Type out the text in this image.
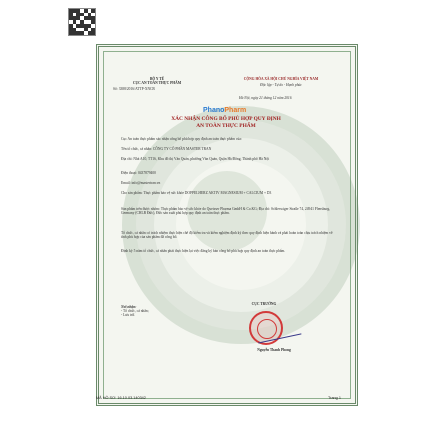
BỘ Y TẾ
CỤC AN TOÀN THỰC PHẨM
Số: 3388/2016/ATTP-XNCB
CỘNG HÒA XÃ HỘI CHỦ NGHĨA VIỆT NAM
Độc lập - Tự do - Hạnh phúc
Hà Nội, ngày 21 tháng 12 năm 2016
PhanoPharm
XÁC NHẬN CÔNG BỐ PHÙ HỢP QUY ĐỊNH
AN TOÀN THỰC PHẨM
Cục An toàn thực phẩm xác nhận công bố phù hợp quy định an toàn thực phẩm của:
Tên tổ chức, cá nhân: CÔNG TY CỔ PHẦN MASTER TRAN
Địa chỉ: Nhà A10, TT16, Khu đô thị Văn Quán, phường Văn Quán, Quận Hà Đông, Thành phố Hà Nội
Điện thoại: 0437879400
Email: info@mastertran.vn
Cho sản phẩm: Thực phẩm bảo vệ sức khỏe DOPPELHERZ AKTIV MAGNESIUM + CALCIUM + D3
Sản phẩm trên được nhóm: Thực phẩm bảo vệ sức khỏe do Queisser Pharma GmbH & Co.KG; Địa chỉ: Schleswiger Straße 74, 24941 Flensburg, Germany (CHLB Đức), Đức sản xuất phù hợp quy định an toàn thực phẩm.
Tổ chức, cá nhân có trách nhiệm thực hiện chế độ kiểm tra và kiểm nghiệm định kỳ theo quy định hiện hành và phải hoàn toàn chịu trách nhiệm về tính phù hợp của sản phẩm đã công bố.
Định kỳ 5 năm tổ chức, cá nhân phải thực hiện lại việc đăng ký bản công bố phù hợp quy định an toàn thực phẩm.
Nơi nhận:
- Tổ chức, cá nhân;
- Lưu trữ.
CỤC TRƯỞNG
Nguyễn Thanh Phong
MÃ HỒ SƠ: 16.10.03.140342	Trang 1
